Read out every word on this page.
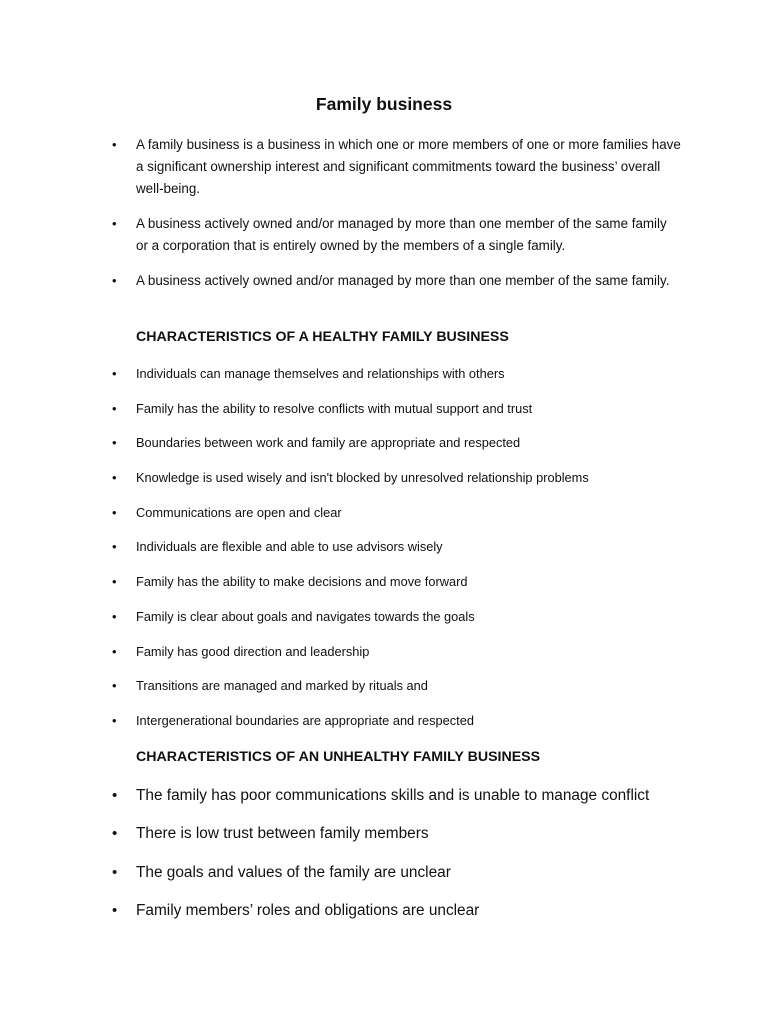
Family business
• A family business is a business in which one or more members of one or more families have a significant ownership interest and significant commitments toward the business’ overall well-being.
• A business actively owned and/or managed by more than one member of the same family or a corporation that is entirely owned by the members of a single family.
• A business actively owned and/or managed by more than one member of the same family.
CHARACTERISTICS OF A HEALTHY FAMILY BUSINESS
• Individuals can manage themselves and relationships with others
• Family has the ability to resolve conflicts with mutual support and trust
• Boundaries between work and family are appropriate and respected
• Knowledge is used wisely and isn't blocked by unresolved relationship problems
• Communications are open and clear
• Individuals are flexible and able to use advisors wisely
• Family has the ability to make decisions and move forward
• Family is clear about goals and navigates towards the goals
• Family has good direction and leadership
• Transitions are managed and marked by rituals and
• Intergenerational boundaries are appropriate and respected
CHARACTERISTICS OF AN UNHEALTHY FAMILY BUSINESS
• The family has poor communications skills and is unable to manage conflict
• There is low trust between family members
• The goals and values of the family are unclear
• Family members’ roles and obligations are unclear
